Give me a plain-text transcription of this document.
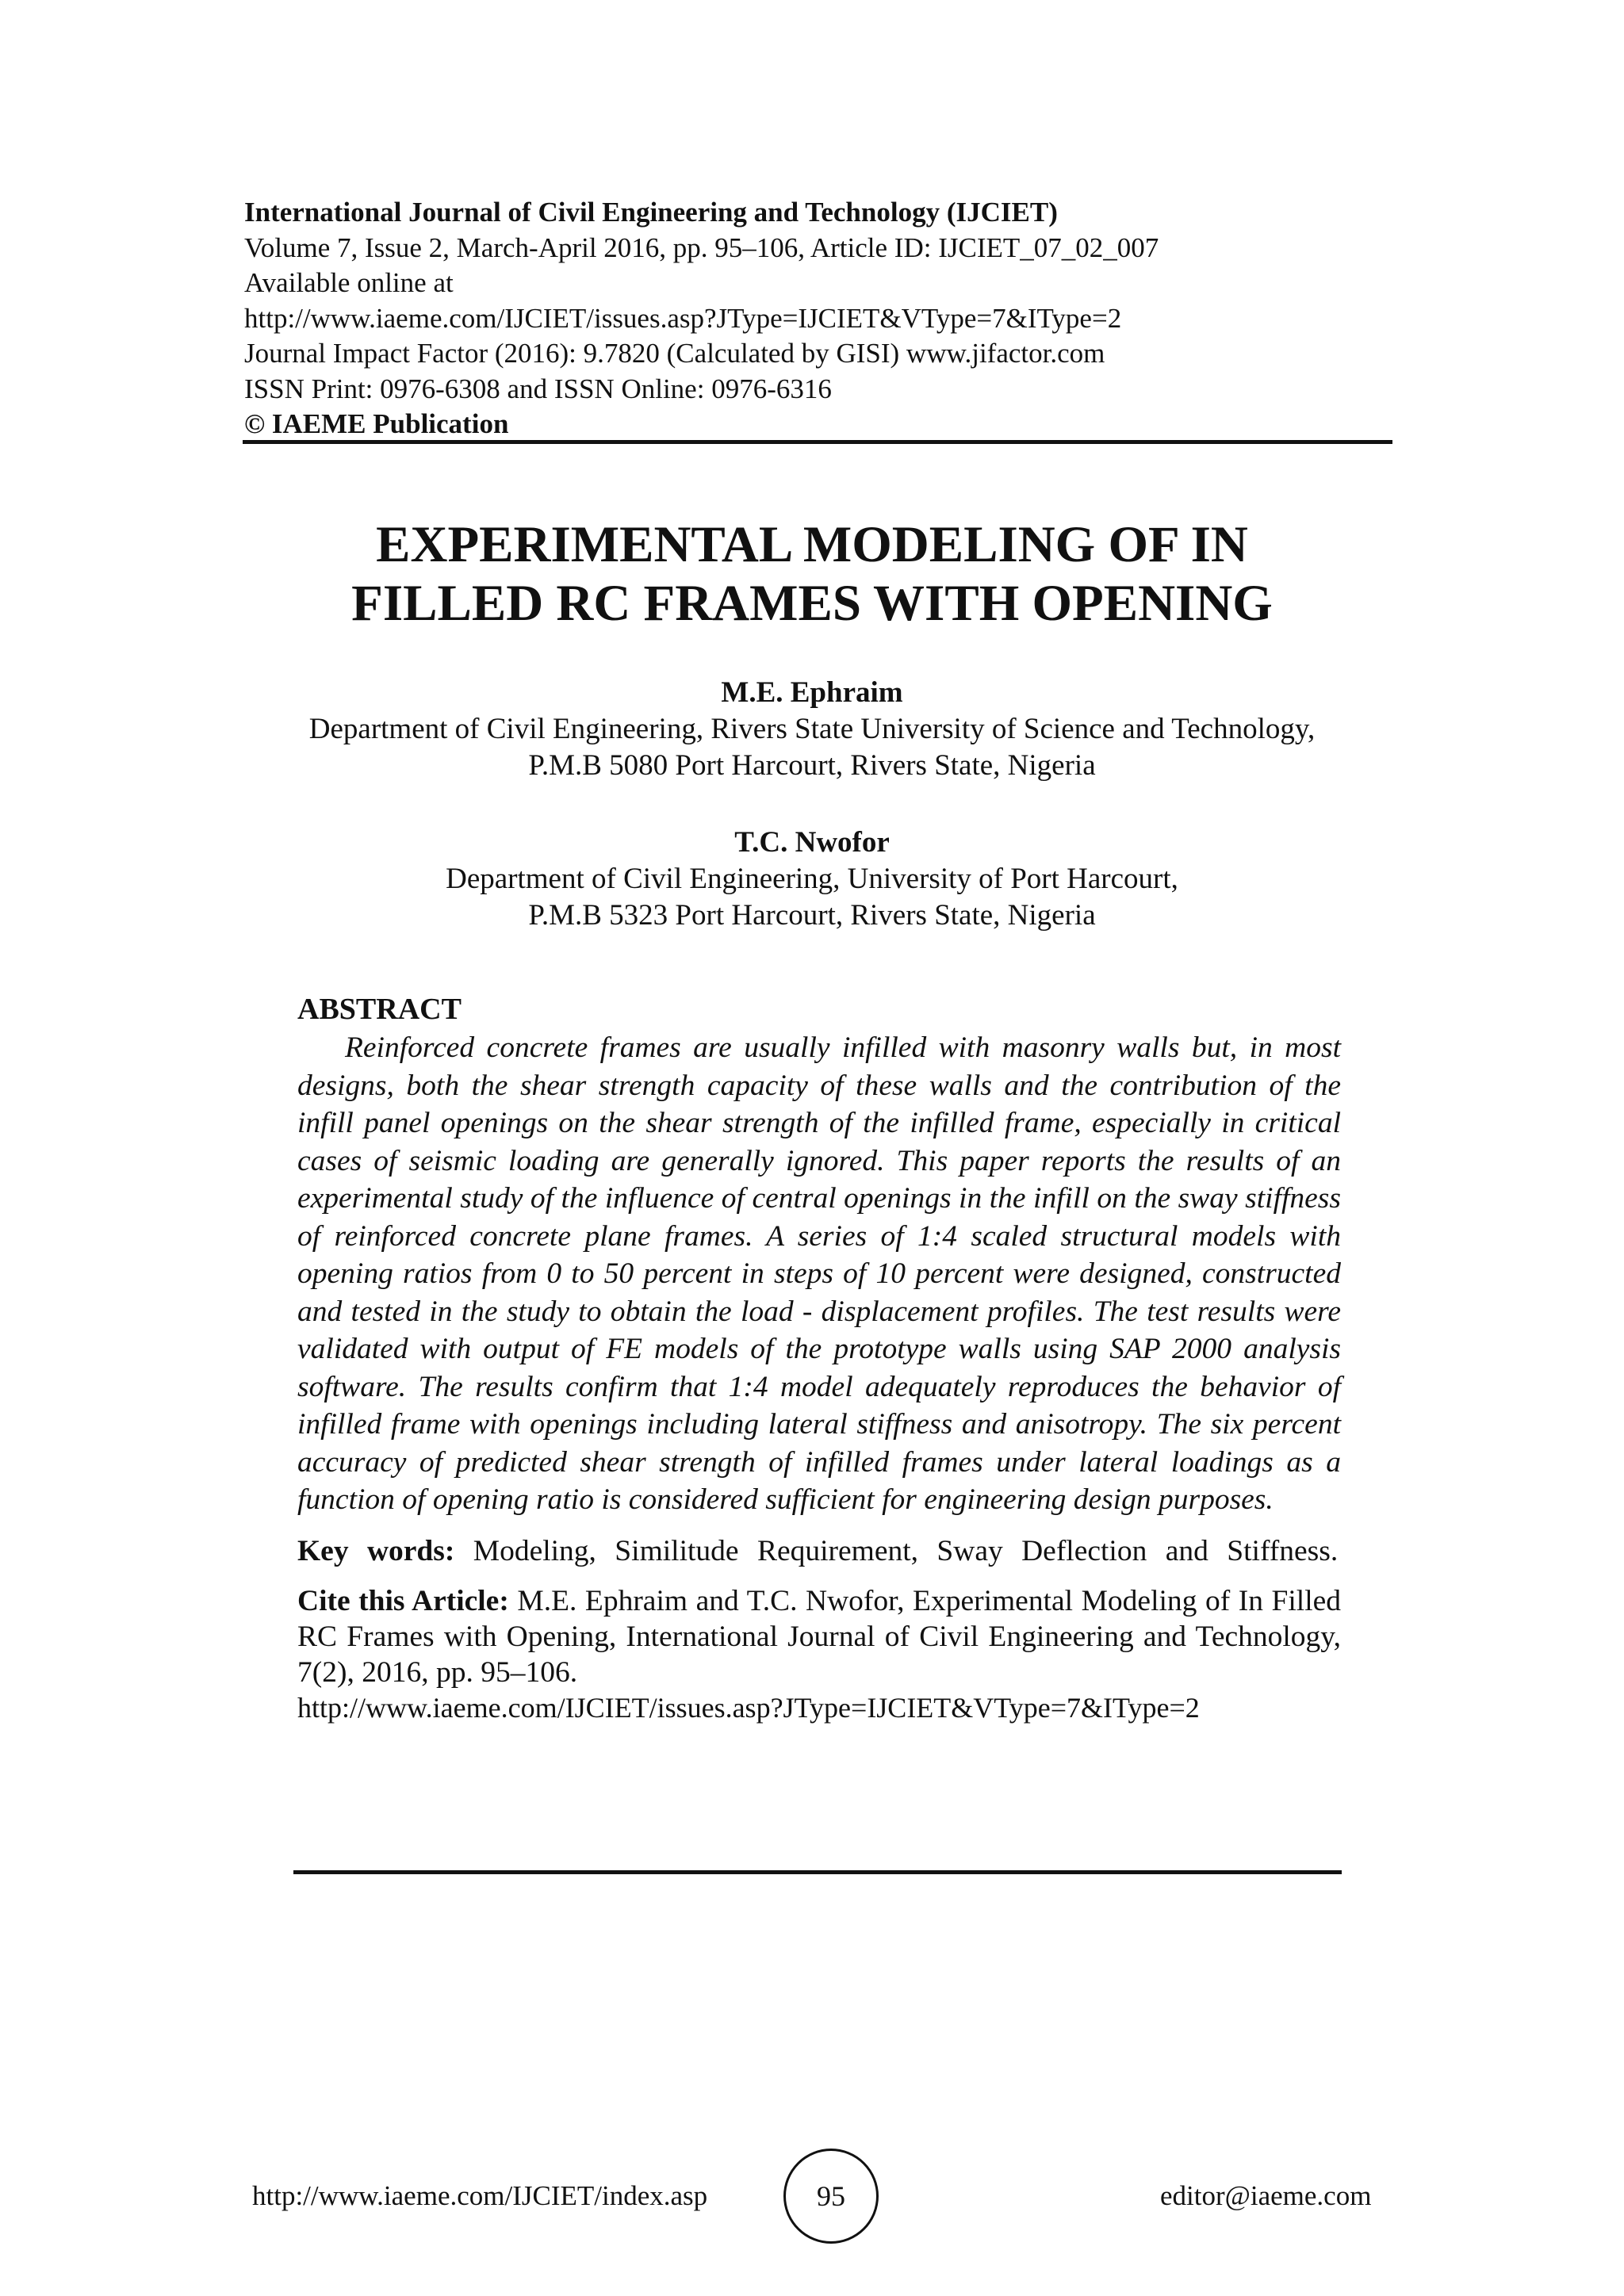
International Journal of Civil Engineering and Technology (IJCIET)
Volume 7, Issue 2, March-April 2016, pp. 95–106, Article ID: IJCIET_07_02_007
Available online at
http://www.iaeme.com/IJCIET/issues.asp?JType=IJCIET&VType=7&IType=2
Journal Impact Factor (2016): 9.7820 (Calculated by GISI) www.jifactor.com
ISSN Print: 0976-6308 and ISSN Online: 0976-6316
© IAEME Publication
EXPERIMENTAL MODELING OF IN
FILLED RC FRAMES WITH OPENING
M.E. Ephraim
Department of Civil Engineering, Rivers State University of Science and Technology,
P.M.B 5080 Port Harcourt, Rivers State, Nigeria
T.C. Nwofor
Department of Civil Engineering, University of Port Harcourt,
P.M.B 5323 Port Harcourt, Rivers State, Nigeria
ABSTRACT

Reinforced concrete frames are usually infilled with masonry walls but, in most designs, both the shear strength capacity of these walls and the contribution of the infill panel openings on the shear strength of the infilled frame, especially in critical cases of seismic loading are generally ignored. This paper reports the results of an experimental study of the influence of central openings in the infill on the sway stiffness of reinforced concrete plane frames. A series of 1:4 scaled structural models with opening ratios from 0 to 50 percent in steps of 10 percent were designed, constructed and tested in the study to obtain the load - displacement profiles. The test results were validated with output of FE models of the prototype walls using SAP 2000 analysis software. The results confirm that 1:4 model adequately reproduces the behavior of infilled frame with openings including lateral stiffness and anisotropy. The six percent accuracy of predicted shear strength of infilled frames under lateral loadings as a function of opening ratio is considered sufficient for engineering design purposes.

Key words: Modeling, Similitude Requirement, Sway Deflection and Stiffness.
Cite this Article: M.E. Ephraim and T.C. Nwofor, Experimental Modeling of In Filled RC Frames with Opening, International Journal of Civil Engineering and Technology, 7(2), 2016, pp. 95–106.
http://www.iaeme.com/IJCIET/issues.asp?JType=IJCIET&VType=7&IType=2
http://www.iaeme.com/IJCIET/index.asp	95	editor@iaeme.com
